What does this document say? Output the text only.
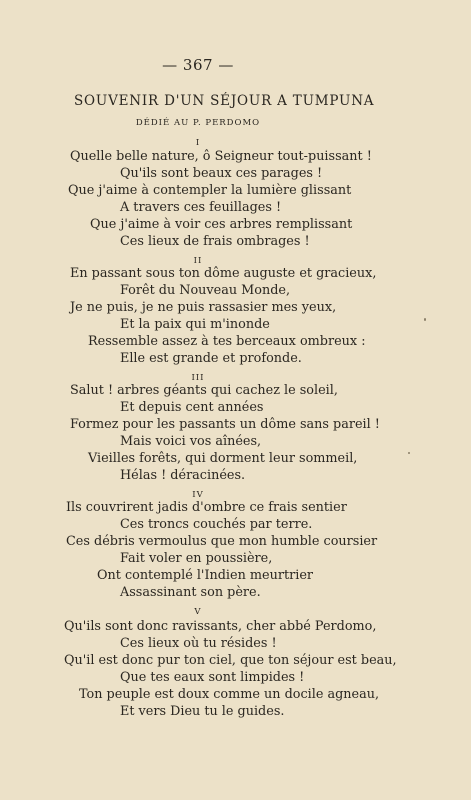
— 367 —
SOUVENIR D'UN SÉJOUR A TUMPUNA
DÉDIÉ AU P. PERDOMO
I
Quelle belle nature, ô Seigneur tout-puissant !
Qu'ils sont beaux ces parages !
Que j'aime à contempler la lumière glissant
A travers ces feuillages !
Que j'aime à voir ces arbres remplissant
Ces lieux de frais ombrages !
II
En passant sous ton dôme auguste et gracieux,
Forêt du Nouveau Monde,
Je ne puis, je ne puis rassasier mes yeux,
Et la paix qui m'inonde
Ressemble assez à tes berceaux ombreux :
Elle est grande et profonde.
III
Salut ! arbres géants qui cachez le soleil,
Et depuis cent années
Formez pour les passants un dôme sans pareil !
Mais voici vos aînées,
Vieilles forêts, qui dorment leur sommeil,
Hélas ! déracinées.
IV
Ils couvrirent jadis d'ombre ce frais sentier
Ces troncs couchés par terre.
Ces débris vermoulus que mon humble coursier
Fait voler en poussière,
Ont contemplé l'Indien meurtrier
Assassinant son père.
V
Qu'ils sont donc ravissants, cher abbé Perdomo,
Ces lieux où tu résides !
Qu'il est donc pur ton ciel, que ton séjour est beau,
Que tes eaux sont limpides !
Ton peuple est doux comme un docile agneau,
Et vers Dieu tu le guides.
